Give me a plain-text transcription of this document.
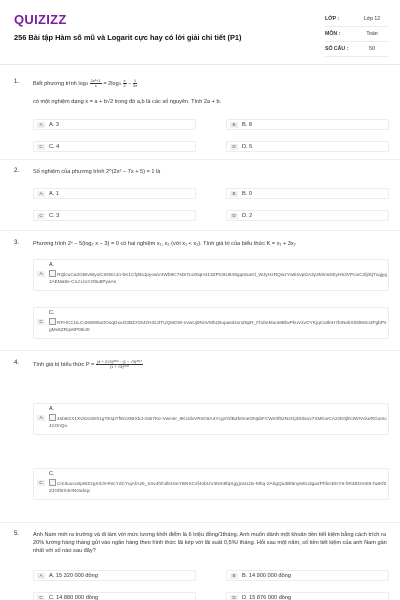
QUIZIZZ
256 Bài tập Hàm số mũ và Logarit cực hay có lời giải chi tiết (P1)
LỚP :	Lớp 12
MÔN :	Toán
SỐ CÂU :	50
1. Biết phương trình $\log 3 \frac{\text{2x²+1}}{x} = 2\log 3 \frac{x}{2} - \frac{1}{2x}$
có một nghiệm dạng x = a + b√2 trong đó a,b là các số nguyên. Tính 2a + b.
A	A. 3	B	B. 8
C	C. 4	D	D. 5
2. Số nghiệm của phương trình 2^(2x² − 7x + 5) = 1 là
A	A. 1	B	B. 0
C	C. 3	D	D. 2
3. Phương trình 2ˣ − 5(log₂ x − 3) = 0 có hai nghiệm x₁, x₂ (với x₁ < x₂). Tính giá trị của biểu thức K = x₁ + 3x₂
A
A.
RQlcuCa2GBIvWyoiC9OEcJo-bK1CfyBsJpyowV4Wb9C7sDrGu30qH413ZPCBU849gqIsxaGl_WJyHzRQwzYwEnvpDA3y4MmsSEyH53VPcinC2ljr6jTxqjygJAEMa8x-CnJ-izuYzt9u8PyaAs
C
C.
RFHCCULCI3sW95u0OoqDxuO3BZzGM2H3zJtTUQ6IDW-nvwUj9NoVMh1BupasdzxnZ6pR_FhdnIMuoMBlwPkuVxvOYKjqCwtkIH7bINekX05lMSo3FgbPsgMx6ZRqv6P09iJ0
4. Tính giá trị biểu thức $P = \frac{\text{(4 + 2√3)²⁰¹⁶ · (1 − √3)²⁰¹⁷}}{\text{(1 + √3)²⁰¹⁷}}$
A
A.
4sb6GX1XvrDcSE01gTEspTfWxXtBXbJ-m5I7Ke-VwHer_9KUdvVRsG8A4YcgVGlBZk0meONpbFCWx0f62N4Gj3S0sov7XMlcwCA2zE0jlNJWIVckeRGumc4z2mQu
C
C.
Cm3uucu0pWZzgXiC9-RscYdCYujAfA25_Snv4hfcdb4SeYBNXCsf4obUV4Nm8fqXgyjzaUJtx-Mhq-2AhgQu3Bt5nyieEu3ga4PhfecEKY6-hR4BOmE5-hwKf0ZJGf8IX4HNOahqc
5. Anh Nam mới ra trường và đi làm với mức lương khởi điểm là 6 triệu đồng/1tháng. Anh muốn dành một khoản tiền tiết kiệm bằng cách trích ra 20% lương hàng tháng gửi vào ngân hàng theo hình thức lãi kép với lãi suất 0,5%/ tháng. Hỏi sau một năm, số tiền tiết kiệm của anh Nam gần nhất với số nào sau đây?
A	A. 15 320 000 đồng	B	B. 14 900 000 đồng
C	C. 14 880 000 đồng	D	D. 15 876 000 đồng
